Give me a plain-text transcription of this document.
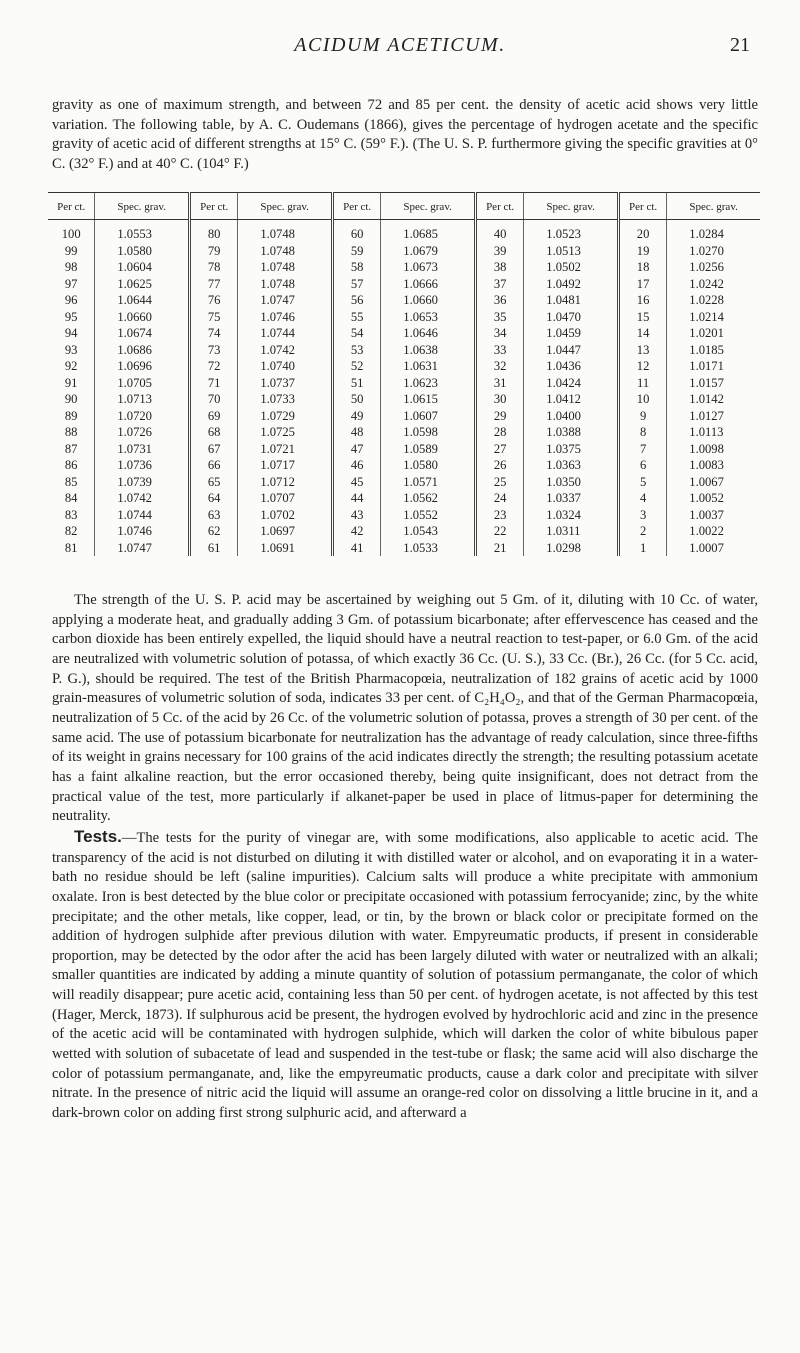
ACIDUM ACETICUM.	21
gravity as one of maximum strength, and between 72 and 85 per cent. the density of acetic acid shows very little variation. The following table, by A. C. Oudemans (1866), gives the percentage of hydrogen acetate and the specific gravity of acetic acid of different strengths at 15° C. (59° F.). (The U. S. P. furthermore giving the specific gravities at 0° C. (32° F.) and at 40° C. (104° F.)
Per ct.	Spec. grav.	Per ct.	Spec. grav.	Per ct.	Spec. grav.	Per ct.	Spec. grav.	Per ct.	Spec. grav.
100	1.0553	80	1.0748	60	1.0685	40	1.0523	20	1.0284
99	1.0580	79	1.0748	59	1.0679	39	1.0513	19	1.0270
98	1.0604	78	1.0748	58	1.0673	38	1.0502	18	1.0256
97	1.0625	77	1.0748	57	1.0666	37	1.0492	17	1.0242
96	1.0644	76	1.0747	56	1.0660	36	1.0481	16	1.0228
95	1.0660	75	1.0746	55	1.0653	35	1.0470	15	1.0214
94	1.0674	74	1.0744	54	1.0646	34	1.0459	14	1.0201
93	1.0686	73	1.0742	53	1.0638	33	1.0447	13	1.0185
92	1.0696	72	1.0740	52	1.0631	32	1.0436	12	1.0171
91	1.0705	71	1.0737	51	1.0623	31	1.0424	11	1.0157
90	1.0713	70	1.0733	50	1.0615	30	1.0412	10	1.0142
89	1.0720	69	1.0729	49	1.0607	29	1.0400	9	1.0127
88	1.0726	68	1.0725	48	1.0598	28	1.0388	8	1.0113
87	1.0731	67	1.0721	47	1.0589	27	1.0375	7	1.0098
86	1.0736	66	1.0717	46	1.0580	26	1.0363	6	1.0083
85	1.0739	65	1.0712	45	1.0571	25	1.0350	5	1.0067
84	1.0742	64	1.0707	44	1.0562	24	1.0337	4	1.0052
83	1.0744	63	1.0702	43	1.0552	23	1.0324	3	1.0037
82	1.0746	62	1.0697	42	1.0543	22	1.0311	2	1.0022
81	1.0747	61	1.0691	41	1.0533	21	1.0298	1	1.0007

The strength of the U. S. P. acid may be ascertained by weighing out 5 Gm. of it, diluting with 10 Cc. of water, applying a moderate heat, and gradually adding 3 Gm. of potassium bicarbonate; after effervescence has ceased and the carbon dioxide has been entirely expelled, the liquid should have a neutral reaction to test-paper, or 6.0 Gm. of the acid are neutralized with volumetric solution of potassa, of which exactly 36 Cc. (U. S.), 33 Cc. (Br.), 26 Cc. (for 5 Cc. acid, P. G.), should be required. The test of the British Pharmacopœia, neutralization of 182 grains of acetic acid by 1000 grain-measures of volumetric solution of soda, indicates 33 per cent. of C₂H₄O₂, and that of the German Pharmacopœia, neutralization of 5 Cc. of the acid by 26 Cc. of the volumetric solution of potassa, proves a strength of 30 per cent. of the same acid. The use of potassium bicarbonate for neutralization has the advantage of ready calculation, since three-fifths of its weight in grains necessary for 100 grains of the acid indicates directly the strength; the resulting potassium acetate has a faint alkaline reaction, but the error occasioned thereby, being quite insignificant, does not detract from the practical value of the test, more particularly if alkanet-paper be used in place of litmus-paper for determining the neutrality.

Tests.—The tests for the purity of vinegar are, with some modifications, also applicable to acetic acid. The transparency of the acid is not disturbed on diluting it with distilled water or alcohol, and on evaporating it in a water-bath no residue should be left (saline impurities). Calcium salts will produce a white precipitate with ammonium oxalate. Iron is best detected by the blue color or precipitate occasioned with potassium ferrocyanide; zinc, by the white precipitate; and the other metals, like copper, lead, or tin, by the brown or black color or precipitate formed on the addition of hydrogen sulphide after previous dilution with water. Empyreumatic products, if present in considerable proportion, may be detected by the odor after the acid has been largely diluted with water or neutralized with an alkali; smaller quantities are indicated by adding a minute quantity of solution of potassium permanganate, the color of which will readily disappear; pure acetic acid, containing less than 50 per cent. of hydrogen acetate, is not affected by this test (Hager, Merck, 1873). If sulphurous acid be present, the hydrogen evolved by hydrochloric acid and zinc in the presence of the acetic acid will be contaminated with hydrogen sulphide, which will darken the color of white bibulous paper wetted with solution of subacetate of lead and suspended in the test-tube or flask; the same acid will also discharge the color of potassium permanganate, and, like the empyreumatic products, cause a dark color and precipitate with silver nitrate. In the presence of nitric acid the liquid will assume an orange-red color on dissolving a little brucine in it, and a dark-brown color on adding first strong sulphuric acid, and afterward a
